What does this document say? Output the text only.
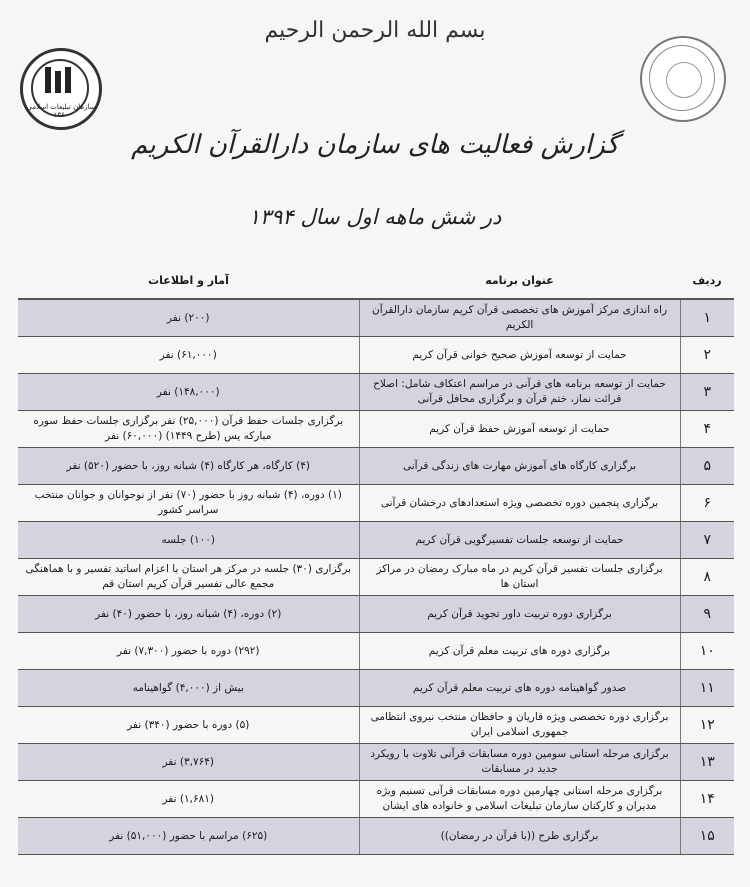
سازمان تبلیغات اسلامی ۱۳۶۰
بسم الله الرحمن الرحیم
گزارش فعالیت های سازمان دارالقرآن الکریم
در شش ماهه اول سال ۱۳۹۴
ردیف	عنوان برنامه	آمار و اطلاعات
۱	راه اندازی مرکز آموزش های تخصصی قرآن کریم سازمان دارالقرآن الکریم	(۲۰۰) نفر
۲	حمایت از توسعه آموزش صحیح خوانی قرآن کریم	(۶۱,۰۰۰) نفر
۳	حمایت از توسعه برنامه های قرآنی در مراسم اعتکاف شامل: اصلاح قرائت نماز، ختم قرآن و برگزاری محافل قرآنی	(۱۴۸,۰۰۰) نفر
۴	حمایت از توسعه آموزش حفظ قرآن کریم	برگزاری جلسات حفظ قرآن (۲۵,۰۰۰) نفر برگزاری جلسات حفظ سوره مبارکه یس (طرح ۱۴۴۹) (۶۰,۰۰۰) نفر
۵	برگزاری کارگاه های آموزش مهارت های زندگی قرآنی	(۴) کارگاه، هر کارگاه (۴) شبانه روز، با حضور (۵۲۰) نفر
۶	برگزاری پنجمین دوره تخصصی ویژه استعدادهای درخشان قرآنی	(۱) دوره، (۴) شبانه روز با حضور (۷۰) نفر از نوجوانان و جوانان منتخب سراسر کشور
۷	حمایت از توسعه جلسات تفسیرگویی قرآن کریم	(۱۰۰) جلسه
۸	برگزاری جلسات تفسیر قرآن کریم در ماه مبارک رمضان در مراکز استان ها	برگزاری (۳۰) جلسه در مرکز هر استان با اعزام اساتید تفسیر و با هماهنگی مجمع عالی تفسیر قرآن کریم استان قم
۹	برگزاری دوره تربیت داور تجوید قرآن کریم	(۲) دوره، (۴) شبانه روز، با حضور (۴۰) نفر
۱۰	برگزاری دوره های تربیت معلم قرآن کریم	(۲۹۲) دوره با حضور (۷,۳۰۰) نفر
۱۱	صدور گواهینامه دوره های تربیت معلم قرآن کریم	بیش از (۴,۰۰۰) گواهینامه
۱۲	برگزاری دوره تخصصی ویژه قاریان و حافظان منتخب نیروی انتظامی جمهوری اسلامی ایران	(۵) دوره با حضور (۳۴۰) نفر
۱۳	برگزاری مرحله استانی سومین دوره مسابقات قرآنی تلاوت با رویکرد جدید در مسابقات	(۳,۷۶۴) نفر
۱۴	برگزاری مرحله استانی چهارمین دوره مسابقات قرآنی تسنیم ویژه مدیران و کارکنان سازمان تبلیغات اسلامی و خانواده های ایشان	(۱,۶۸۱) نفر
۱۵	برگزاری طرح ((با قرآن در رمضان))	(۶۲۵) مراسم با حضور (۵۱,۰۰۰) نفر
